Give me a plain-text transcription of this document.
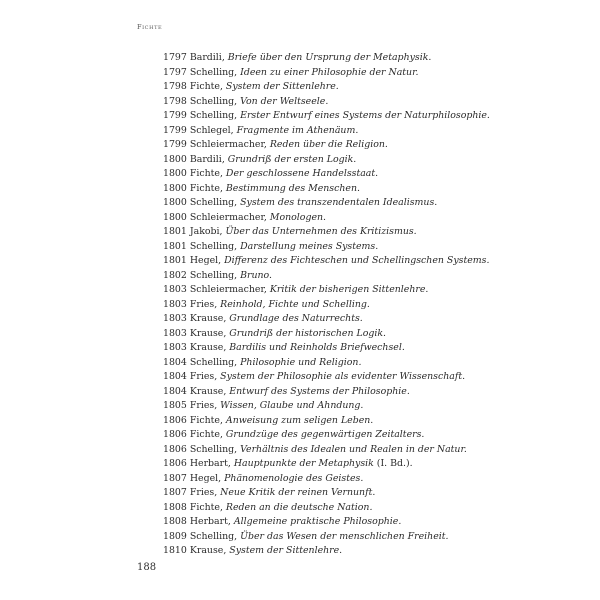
Fichte
1797 Bardili, Briefe über den Ursprung der Metaphysik.
1797 Schelling, Ideen zu einer Philosophie der Natur.
1798 Fichte, System der Sittenlehre.
1798 Schelling, Von der Weltseele.
1799 Schelling, Erster Entwurf eines Systems der Naturphilosophie.
1799 Schlegel, Fragmente im Athenäum.
1799 Schleiermacher, Reden über die Religion.
1800 Bardili, Grundriß der ersten Logik.
1800 Fichte, Der geschlossene Handelsstaat.
1800 Fichte, Bestimmung des Menschen.
1800 Schelling, System des transzendentalen Idealismus.
1800 Schleiermacher, Monologen.
1801 Jakobi, Über das Unternehmen des Kritizismus.
1801 Schelling, Darstellung meines Systems.
1801 Hegel, Differenz des Fichteschen und Schellingschen Systems.
1802 Schelling, Bruno.
1803 Schleiermacher, Kritik der bisherigen Sittenlehre.
1803 Fries, Reinhold, Fichte und Schelling.
1803 Krause, Grundlage des Naturrechts.
1803 Krause, Grundriß der historischen Logik.
1803 Krause, Bardilis und Reinholds Briefwechsel.
1804 Schelling, Philosophie und Religion.
1804 Fries, System der Philosophie als evidenter Wissenschaft.
1804 Krause, Entwurf des Systems der Philosophie.
1805 Fries, Wissen, Glaube und Ahndung.
1806 Fichte, Anweisung zum seligen Leben.
1806 Fichte, Grundzüge des gegenwärtigen Zeitalters.
1806 Schelling, Verhältnis des Idealen und Realen in der Natur.
1806 Herbart, Hauptpunkte der Metaphysik (I. Bd.).
1807 Hegel, Phänomenologie des Geistes.
1807 Fries, Neue Kritik der reinen Vernunft.
1808 Fichte, Reden an die deutsche Nation.
1808 Herbart, Allgemeine praktische Philosophie.
1809 Schelling, Über das Wesen der menschlichen Freiheit.
1810 Krause, System der Sittenlehre.
188
